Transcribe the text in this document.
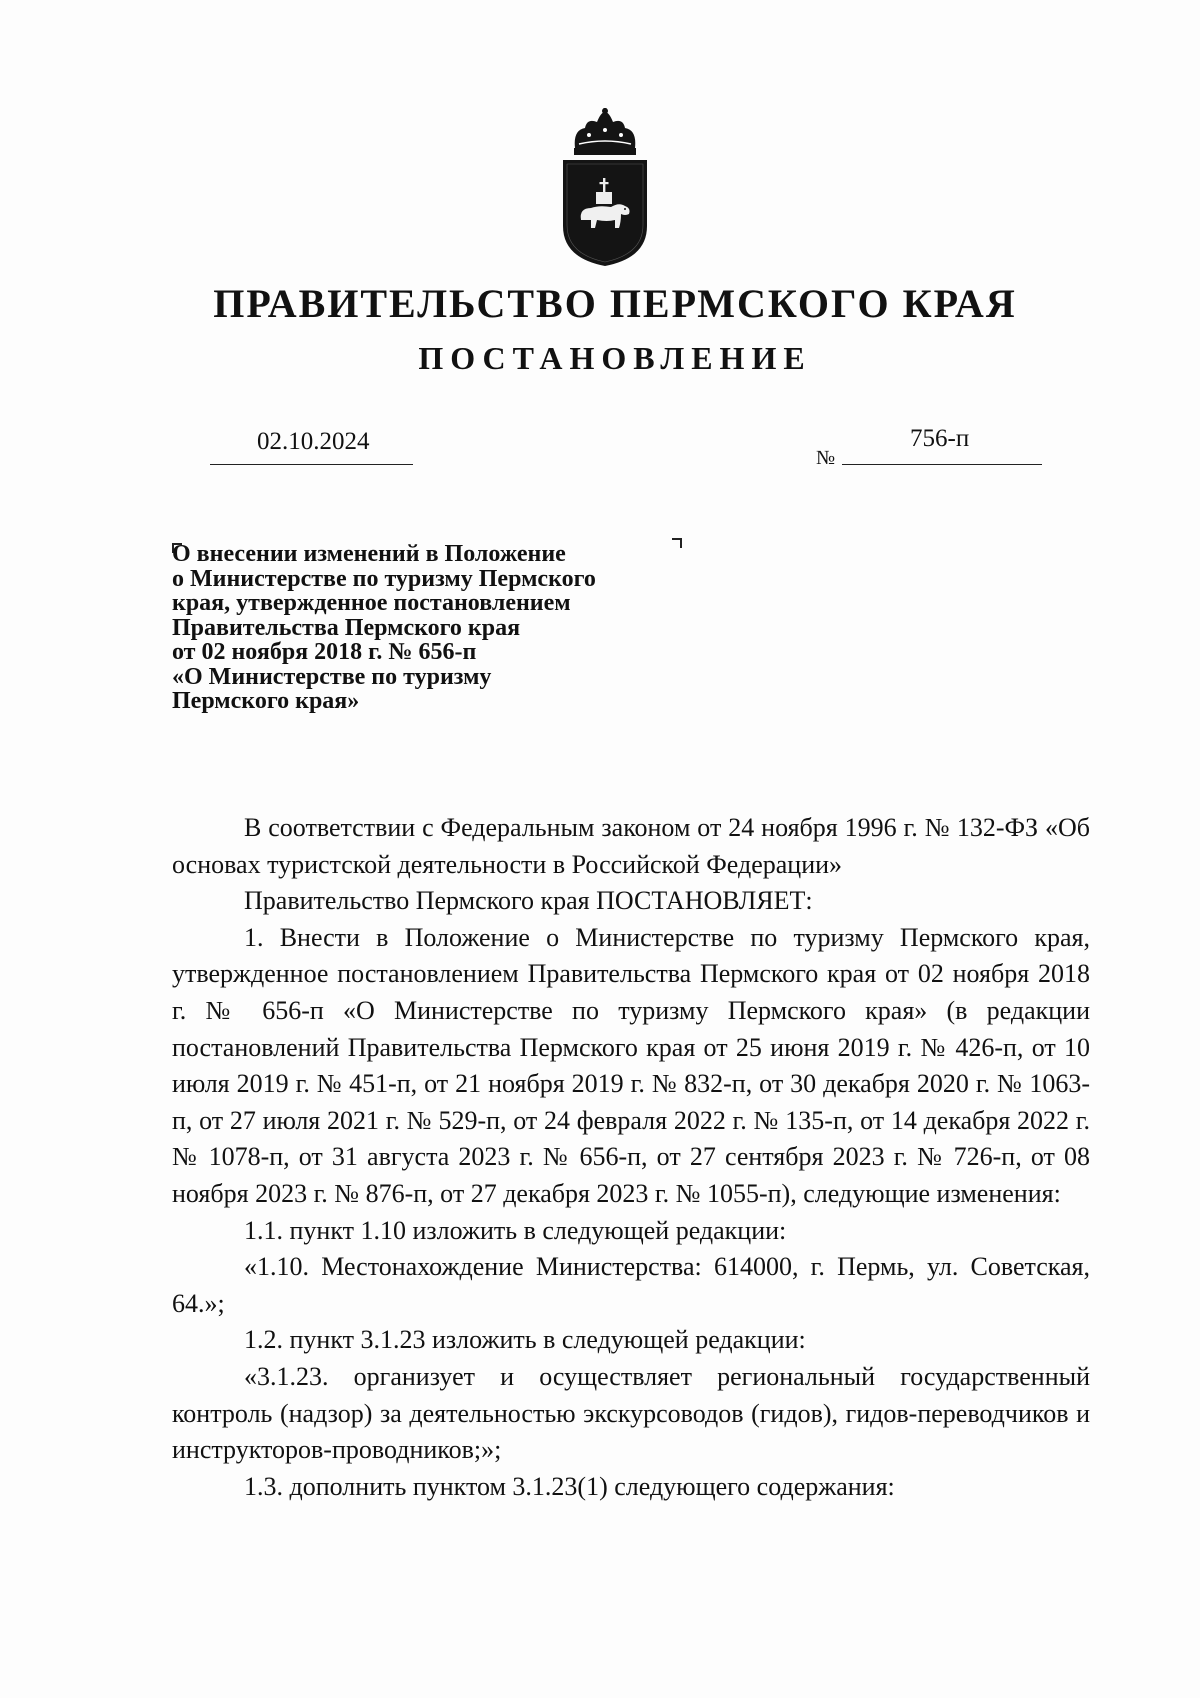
ПРАВИТЕЛЬСТВО ПЕРМСКОГО КРАЯ
ПОСТАНОВЛЕНИЕ
02.10.2024
№
756-п
О внесении изменений в Положение
о Министерстве по туризму Пермского
края, утвержденное постановлением
Правительства Пермского края
от 02 ноября 2018 г. № 656-п
«О Министерстве по туризму
Пермского края»

В соответствии с Федеральным законом от 24 ноября 1996 г. № 132-ФЗ «Об основах туристской деятельности в Российской Федерации»

Правительство Пермского края ПОСТАНОВЛЯЕТ:

1. Внести в Положение о Министерстве по туризму Пермского края, утвержденное постановлением Правительства Пермского края от 02 ноября 2018 г. № 656-п «О Министерстве по туризму Пермского края» (в редакции постановлений Правительства Пермского края от 25 июня 2019 г. № 426-п, от 10 июля 2019 г. № 451-п, от 21 ноября 2019 г. № 832-п, от 30 декабря 2020 г. № 1063-п, от 27 июля 2021 г. № 529-п, от 24 февраля 2022 г. № 135-п, от 14 декабря 2022 г. № 1078-п, от 31 августа 2023 г. № 656-п, от 27 сентября 2023 г. № 726-п, от 08 ноября 2023 г. № 876-п, от 27 декабря 2023 г. № 1055-п), следующие изменения:

1.1. пункт 1.10 изложить в следующей редакции:

«1.10. Местонахождение Министерства: 614000, г. Пермь, ул. Советская, 64.»;

1.2. пункт 3.1.23 изложить в следующей редакции:

«3.1.23. организует и осуществляет региональный государственный контроль (надзор) за деятельностью экскурсоводов (гидов), гидов-переводчиков и инструкторов-проводников;»;

1.3. дополнить пунктом 3.1.23(1) следующего содержания:
